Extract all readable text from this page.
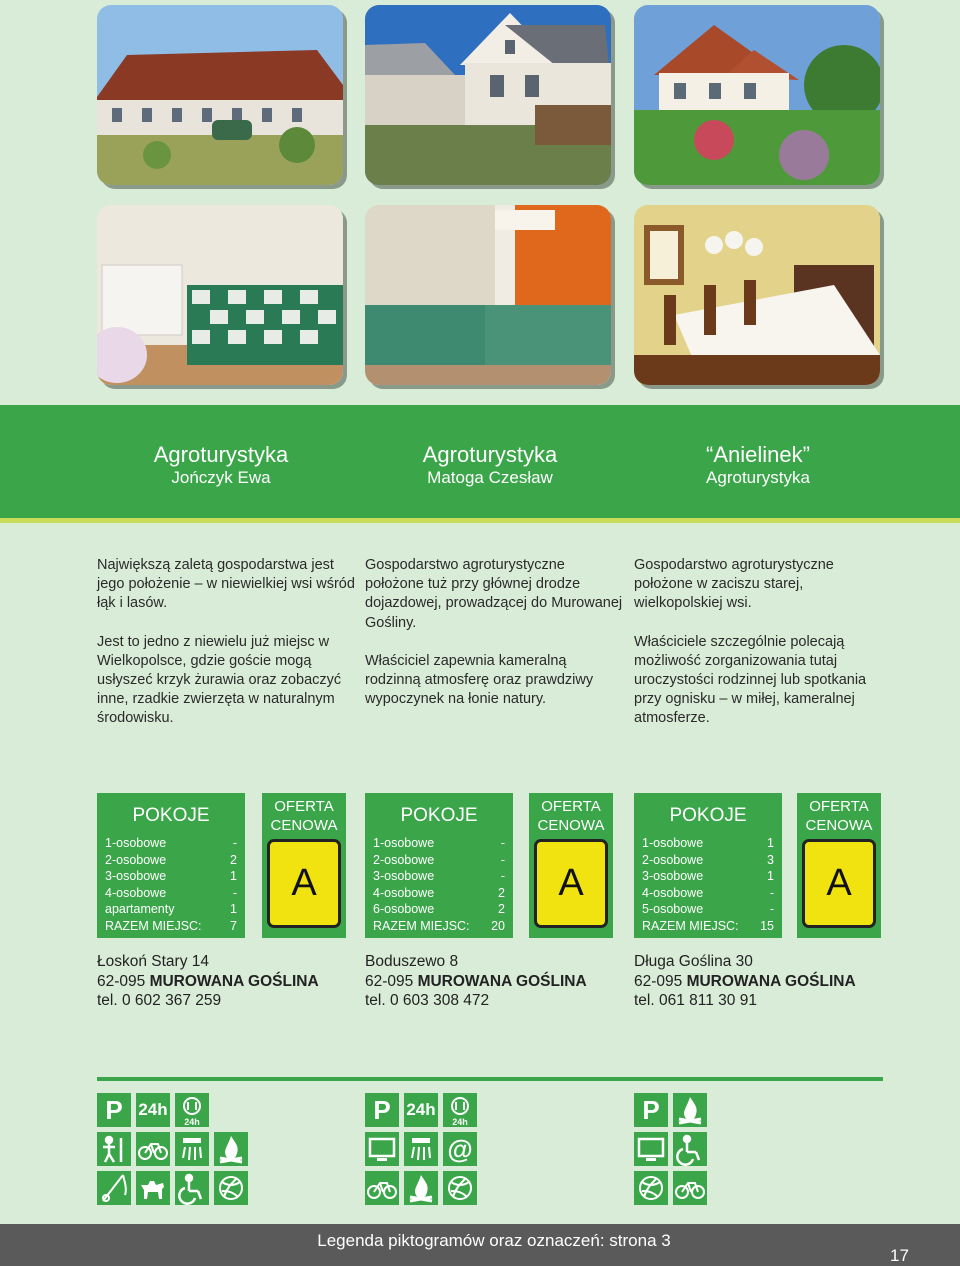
Agroturystyka
Jończyk Ewa
Agroturystyka
Matoga Czesław
“Anielinek”
Agroturystyka

Największą zaletą gospodarstwa jest jego położenie – w niewielkiej wsi wśród łąk i lasów.

Jest to jedno z niewielu już miejsc w Wielkopolsce, gdzie goście mogą usłyszeć krzyk żurawia oraz zobaczyć inne, rzadkie zwierzęta w naturalnym środowisku.

Gospodarstwo agroturystyczne położone tuż przy głównej drodze dojazdowej, prowadzącej do Murowanej Gośliny.

Właściciel zapewnia kameralną rodzinną atmosferę oraz prawdziwy wypoczynek na łonie natury.

Gospodarstwo agroturystyczne położone w zaciszu starej, wielkopolskiej wsi.

Właściciele szczególnie polecają możliwość zorganizowania tutaj uroczystości rodzinnej lub spotkania przy ognisku – w miłej, kameralnej atmosferze.

POKOJE
1-osobowe	-
2-osobowe	2
3-osobowe	1
4-osobowe	-
apartamenty	1
RAZEM MIEJSC: 7
OFERTA CENOWA
A
POKOJE
1-osobowe	-
2-osobowe	-
3-osobowe	-
4-osobowe	2
6-osobowe	2
RAZEM MIEJSC: 20
OFERTA CENOWA
A
POKOJE
1-osobowe	1
2-osobowe	3
3-osobowe	1
4-osobowe	-
5-osobowe	-
RAZEM MIEJSC: 15
OFERTA CENOWA
A
Łoskoń Stary 14
62-095 MUROWANA GOŚLINA
tel. 0 602 367 259
Boduszewo 8
62-095 MUROWANA GOŚLINA
tel. 0 603 308 472
Długa Goślina 30
62-095 MUROWANA GOŚLINA
tel. 061 811 30 91
P 24h
24h	P 24h
24h
@
P
Legenda piktogramów oraz oznaczeń: strona 3
17
